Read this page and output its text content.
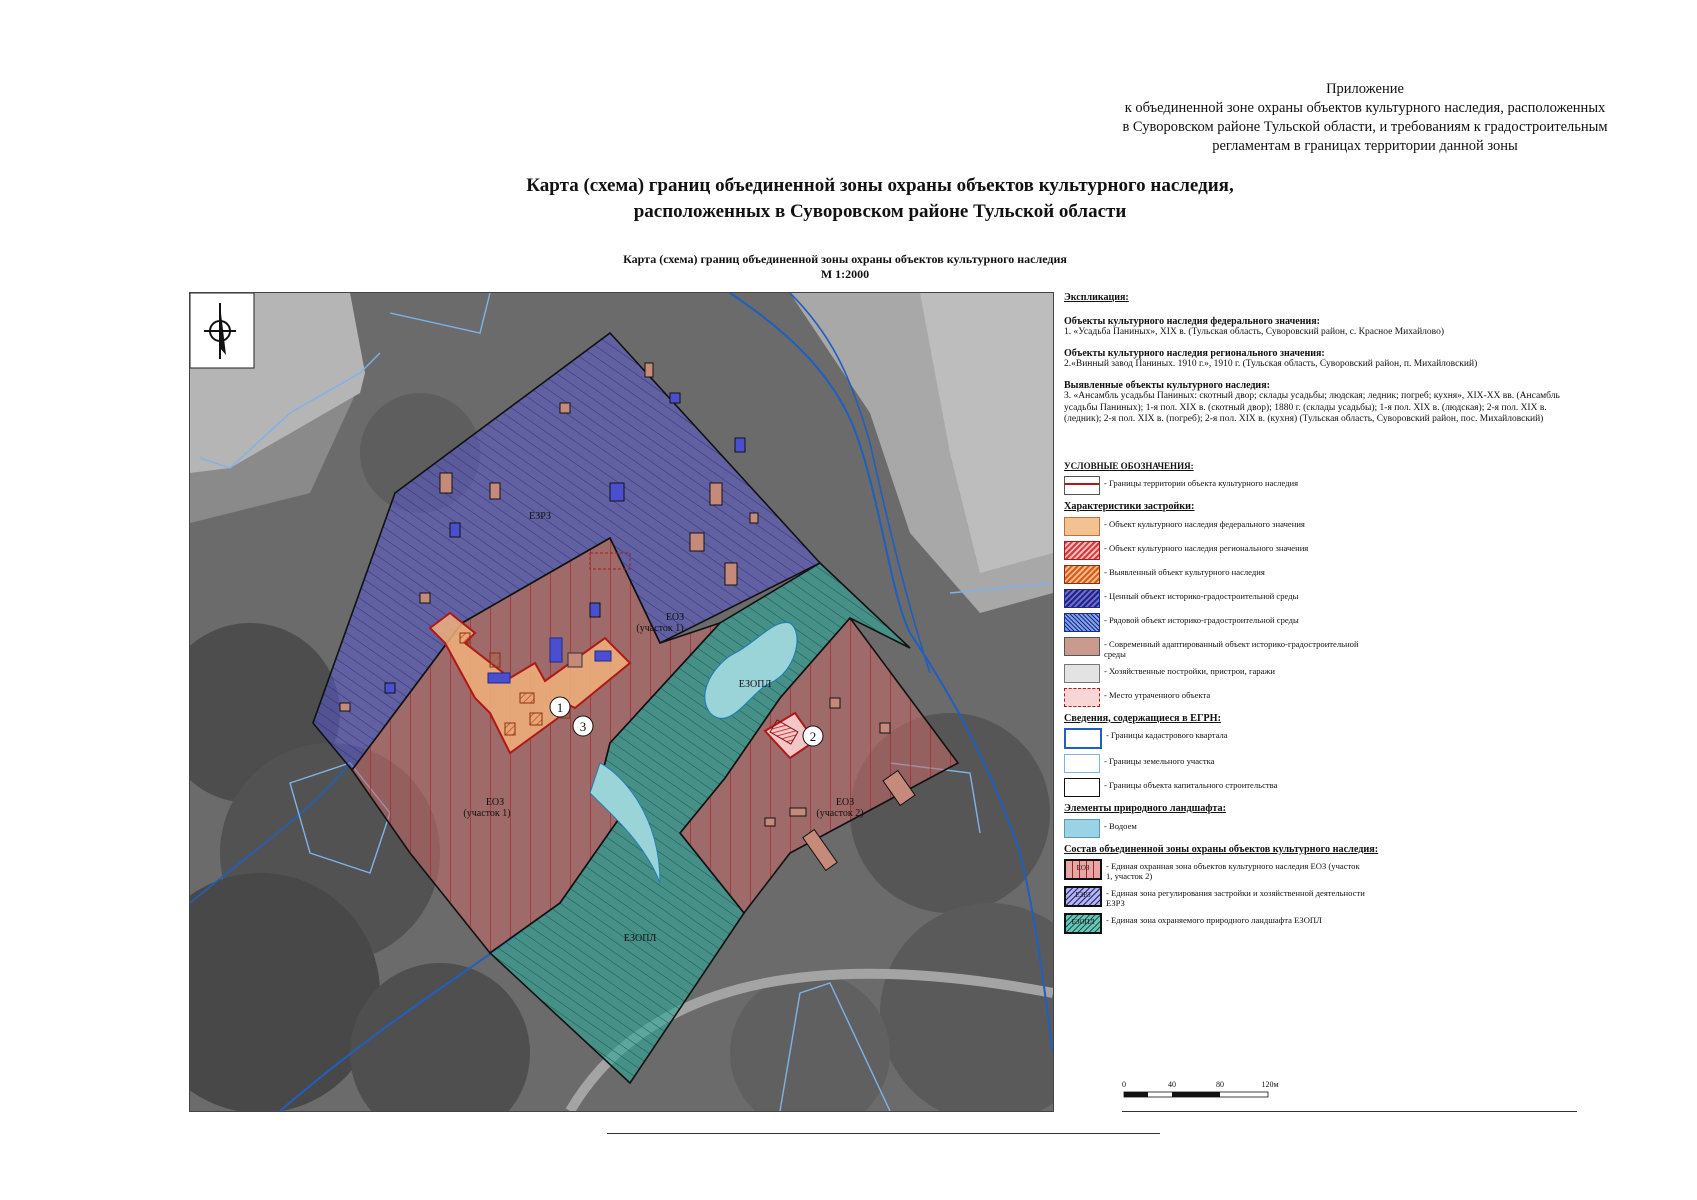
Приложение
к объединенной зоне охраны объектов культурного наследия, расположенных
в Суворовском районе Тульской области, и требованиям к градостроительным
регламентам в границах территории данной зоны
Карта (схема) границ объединенной зоны охраны объектов культурного наследия,
расположенных в Суворовском районе Тульской области
Карта (схема) границ объединенной зоны охраны объектов культурного наследия
М 1:2000
ЕЗРЗ
ЕОЗ
(участок 1)
ЕОЗ
(участок 1)
ЕОЗ
(участок 2)
ЕЗОПЛ
ЕЗОПЛ
1
3
2
Экспликация:
Объекты культурного наследия федерального значения:
1. «Усадьба Паниных», XIX в. (Тульская область, Суворовский район, с. Красное Михайлово)
Объекты культурного наследия регионального значения:
2.«Винный завод Паниных. 1910 г.», 1910 г. (Тульская область, Суворовский район, п. Михайловский)
Выявленные объекты культурного наследия:
3. «Ансамбль усадьбы Паниных: скотный двор; склады усадьбы; людская; ледник; погреб; кухня», XIX-XX вв. (Ансамбль усадьбы Паниных); 1-я пол. XIX в. (скотный двор); 1880 г. (склады усадьбы); 1-я пол. XIX в. (людская); 2-я пол. XIX в. (ледник); 2-я пол. XIX в. (погреб); 2-я пол. XIX в. (кухня) (Тульская область, Суворовский район, пос. Михайловский)
УСЛОВНЫЕ ОБОЗНАЧЕНИЯ:
- Границы территории объекта культурного наследия
Характеристики застройки:
- Объект культурного наследия федерального значения
- Объект культурного наследия регионального значения
- Выявленный объект культурного наследия
- Ценный объект историко-градостроительной среды
- Рядовой объект историко-градостроительной среды
- Современный адаптированный объект историко-градостроительной среды
- Хозяйственные постройки, пристрои, гаражи
- Место утраченного объекта
Сведения, содержащиеся в ЕГРН:
- Границы кадастрового квартала
- Границы земельного участка
- Границы объекта капитального строительства
Элементы природного ландшафта:
- Водоем
Состав объединенной зоны охраны объектов культурного наследия:
ЕОЗ	- Единая охранная зона объектов культурного наследия ЕОЗ (участок 1, участок 2)
ЕЗРЗ	- Единая зона регулирования застройки и хозяйственной деятельности ЕЗРЗ
ЕЗОПЛ	- Единая зона охраняемого природного ландшафта ЕЗОПЛ
0	40	80	120м
